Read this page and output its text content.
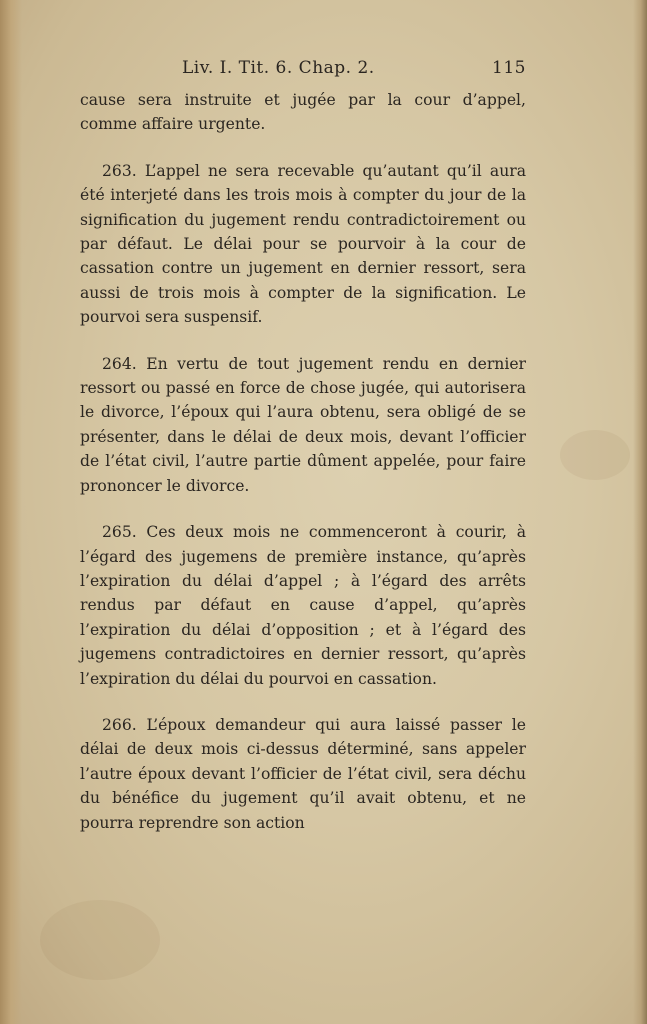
Liv. I. Tit. 6. Chap. 2.	115

cause sera instruite et jugée par la cour d’appel, comme affaire urgente.

263. L’appel ne sera recevable qu’autant qu’il aura été interjeté dans les trois mois à compter du jour de la signification du jugement rendu contradictoirement ou par défaut. Le délai pour se pourvoir à la cour de cassation contre un jugement en dernier ressort, sera aussi de trois mois à compter de la signification. Le pourvoi sera suspensif.

264. En vertu de tout jugement rendu en dernier ressort ou passé en force de chose jugée, qui autorisera le divorce, l’époux qui l’aura obtenu, sera obligé de se présenter, dans le délai de deux mois, devant l’officier de l’état civil, l’autre partie dûment appelée, pour faire prononcer le divorce.

265. Ces deux mois ne commenceront à courir, à l’égard des jugemens de première instance, qu’après l’expiration du délai d’appel ; à l’égard des arrêts rendus par défaut en cause d’appel, qu’après l’expiration du délai d’opposition ; et à l’égard des jugemens contradictoires en dernier ressort, qu’après l’expiration du délai du pourvoi en cassation.

266. L’époux demandeur qui aura laissé passer le délai de deux mois ci-dessus déterminé, sans appeler l’autre époux devant l’officier de l’état civil, sera déchu du bénéfice du jugement qu’il avait obtenu, et ne pourra reprendre son action
